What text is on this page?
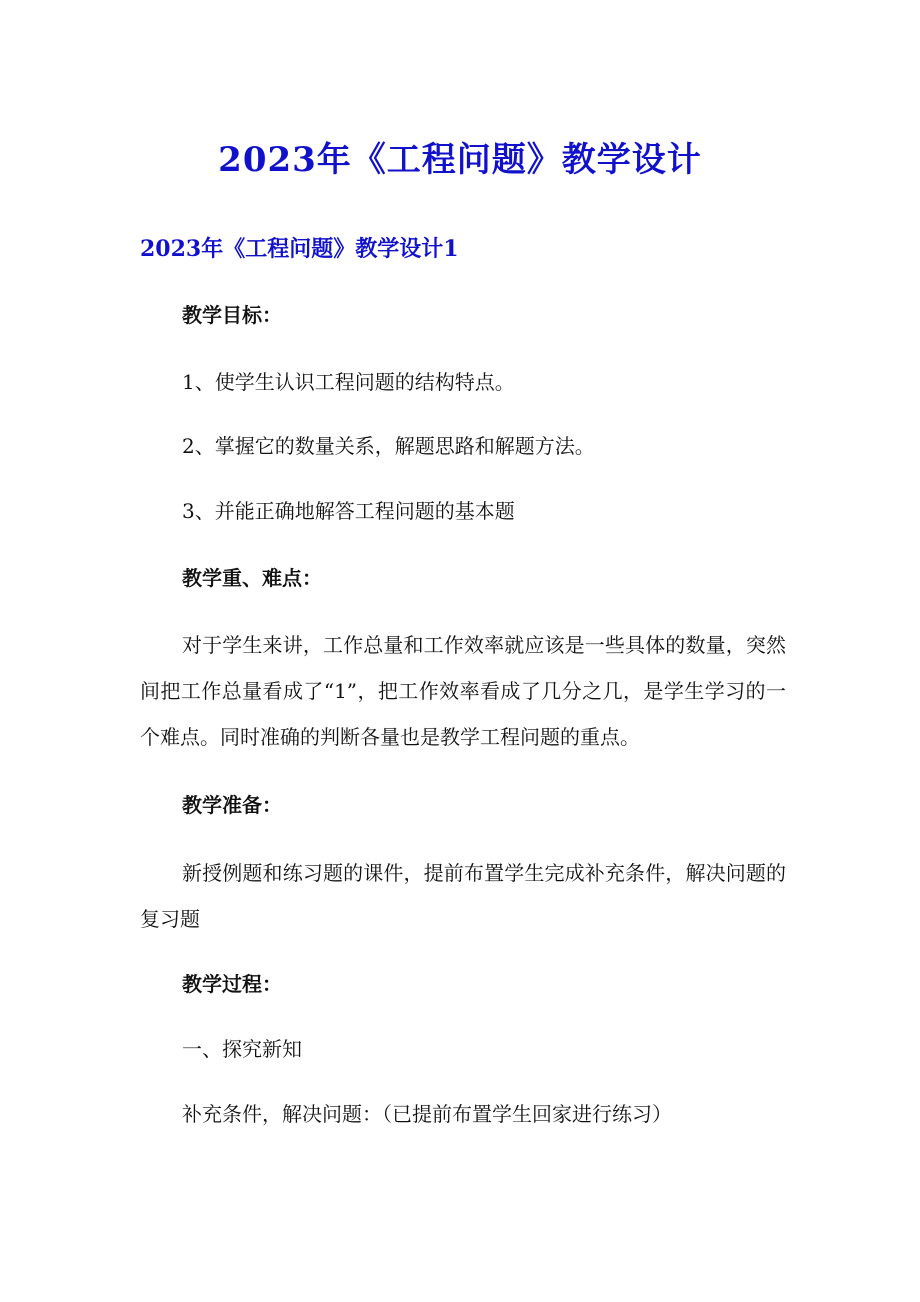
2023年《工程问题》教学设计
2023年《工程问题》教学设计1
教学目标：
1、使学生认识工程问题的结构特点。
2、掌握它的数量关系，解题思路和解题方法。
3、并能正确地解答工程问题的基本题
教学重、难点：
对于学生来讲，工作总量和工作效率就应该是一些具体的数量，突然间把工作总量看成了“1”，把工作效率看成了几分之几，是学生学习的一个难点。同时准确的判断各量也是教学工程问题的重点。
教学准备：
新授例题和练习题的课件，提前布置学生完成补充条件，解决问题的复习题
教学过程：
一、探究新知
补充条件，解决问题：（已提前布置学生回家进行练习）
